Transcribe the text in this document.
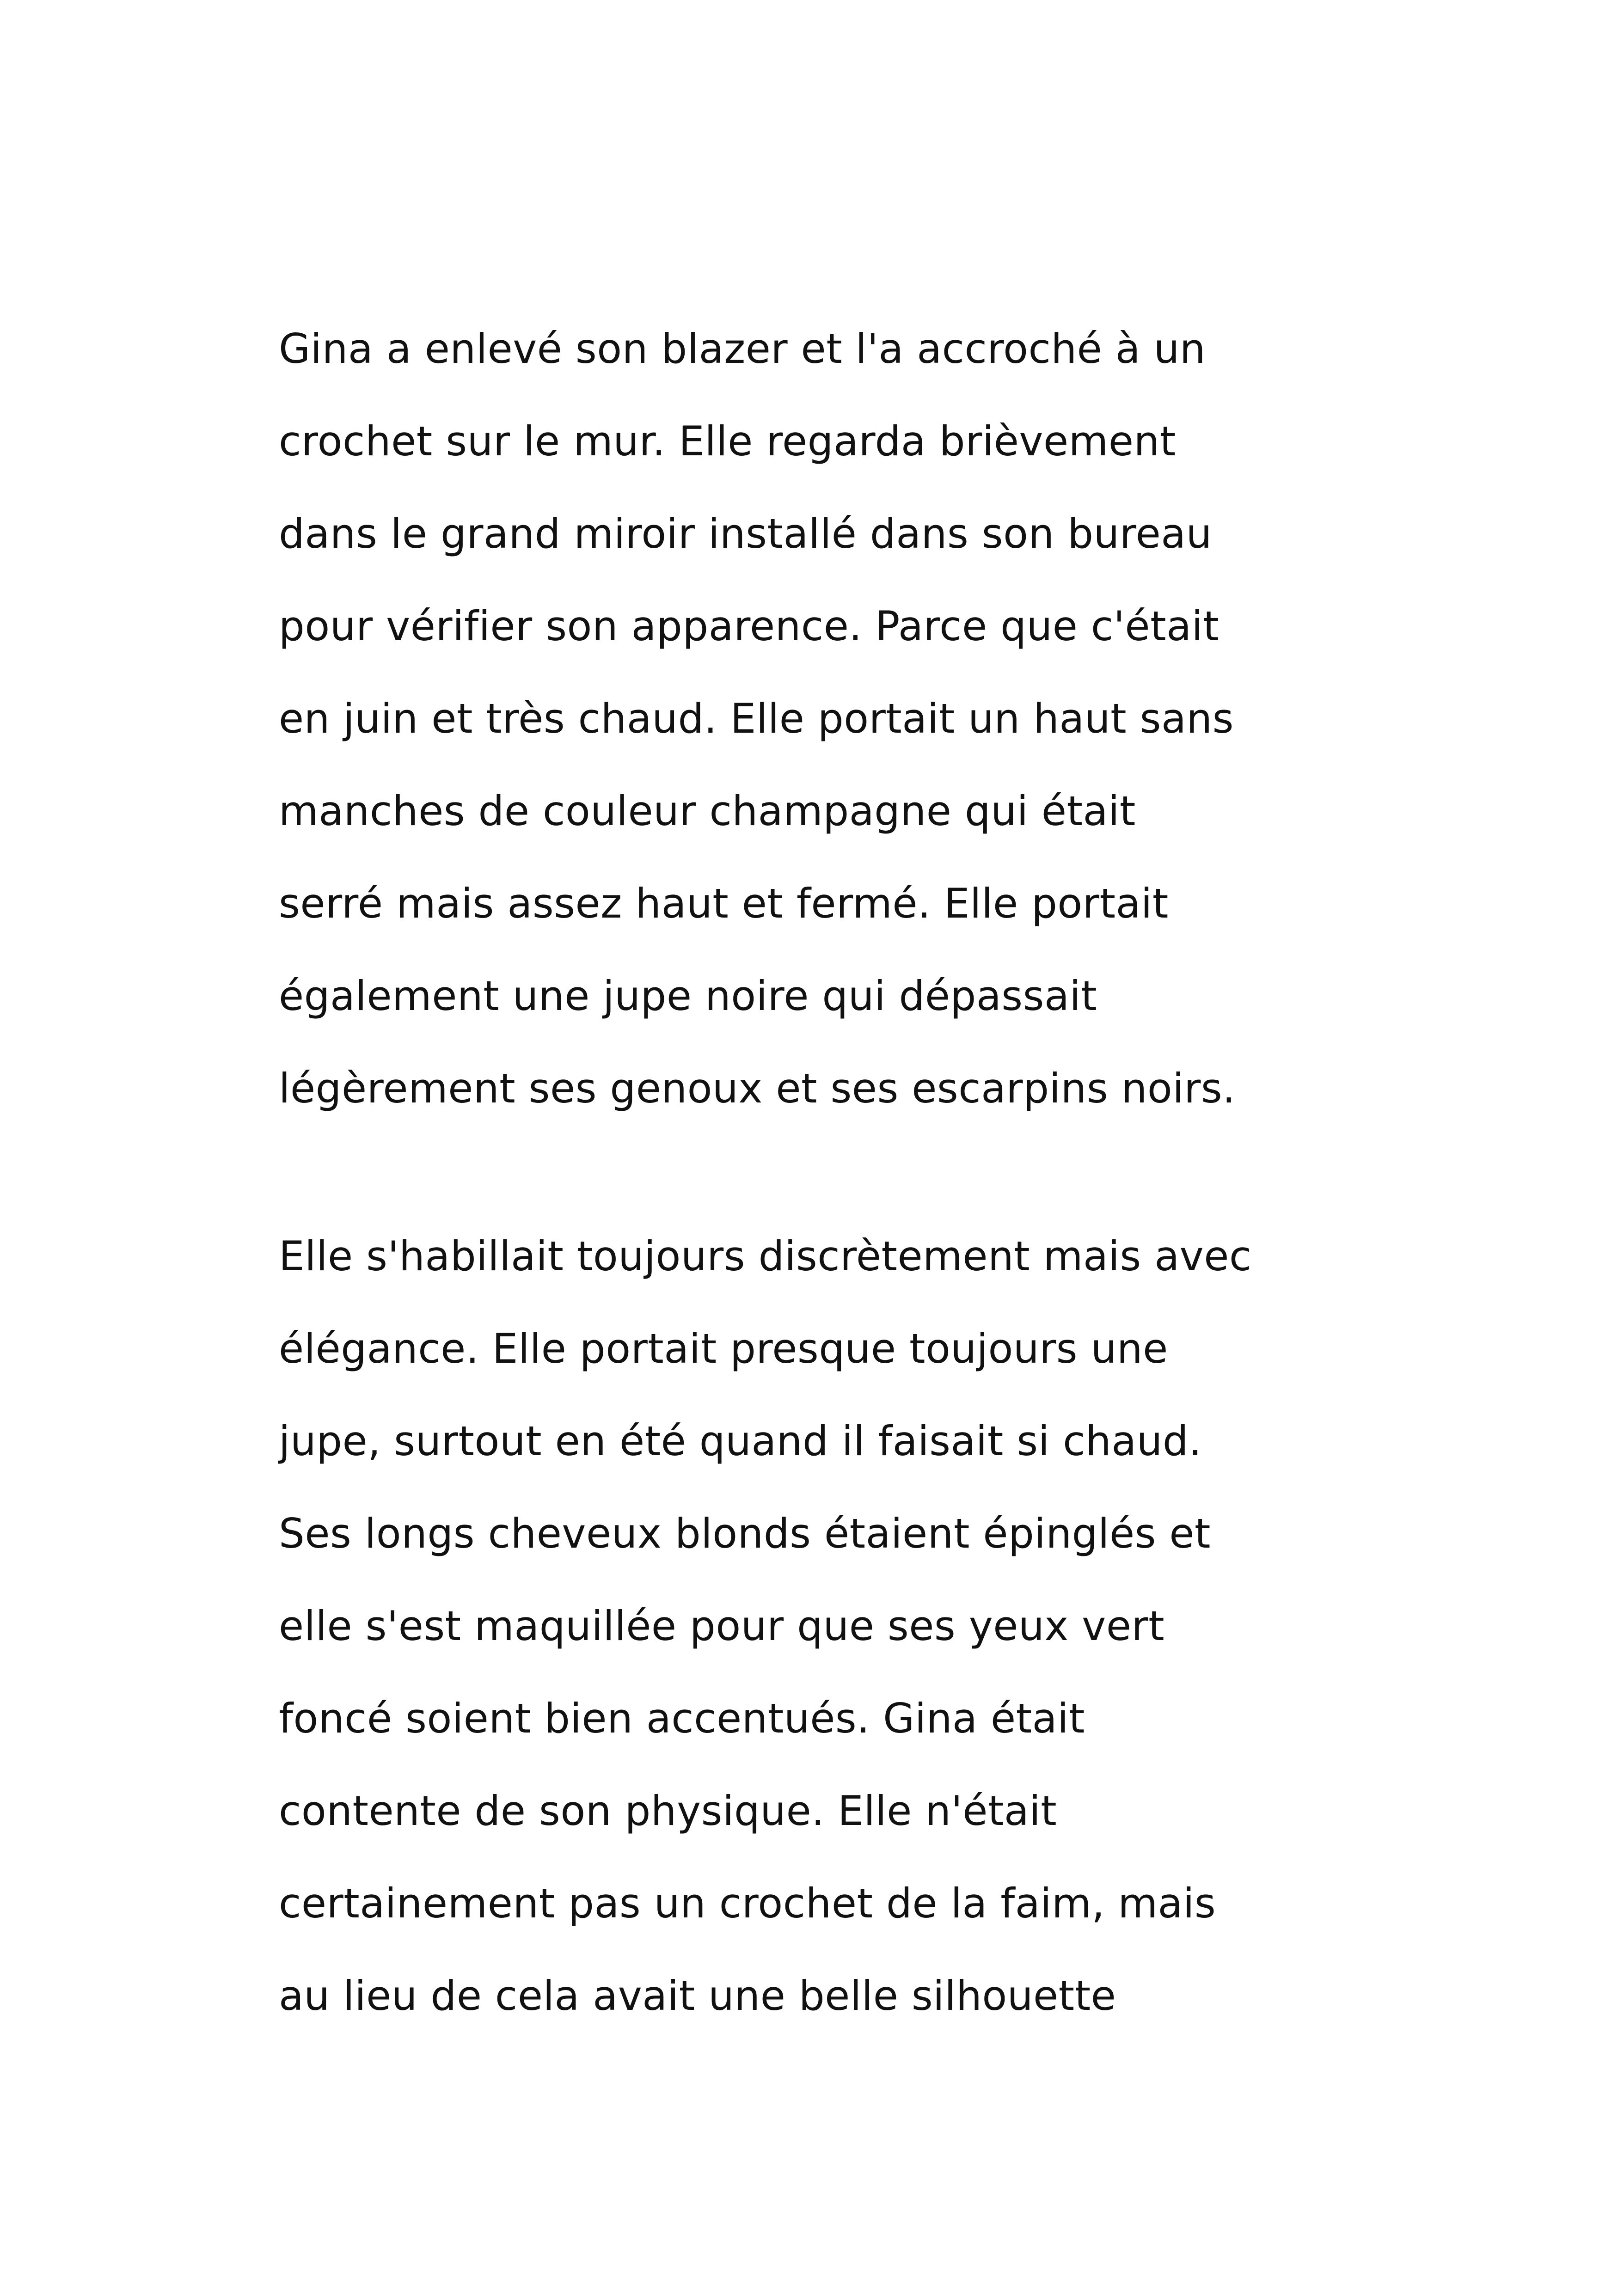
Gina a enlevé son blazer et l'a accroché à un
crochet sur le mur. Elle regarda brièvement
dans le grand miroir installé dans son bureau
pour vérifier son apparence. Parce que c'était
en juin et très chaud. Elle portait un haut sans
manches de couleur champagne qui était
serré mais assez haut et fermé. Elle portait
également une jupe noire qui dépassait
légèrement ses genoux et ses escarpins noirs.
Elle s'habillait toujours discrètement mais avec
élégance. Elle portait presque toujours une
jupe, surtout en été quand il faisait si chaud.
Ses longs cheveux blonds étaient épinglés et
elle s'est maquillée pour que ses yeux vert
foncé soient bien accentués. Gina était
contente de son physique. Elle n'était
certainement pas un crochet de la faim, mais
au lieu de cela avait une belle silhouette
